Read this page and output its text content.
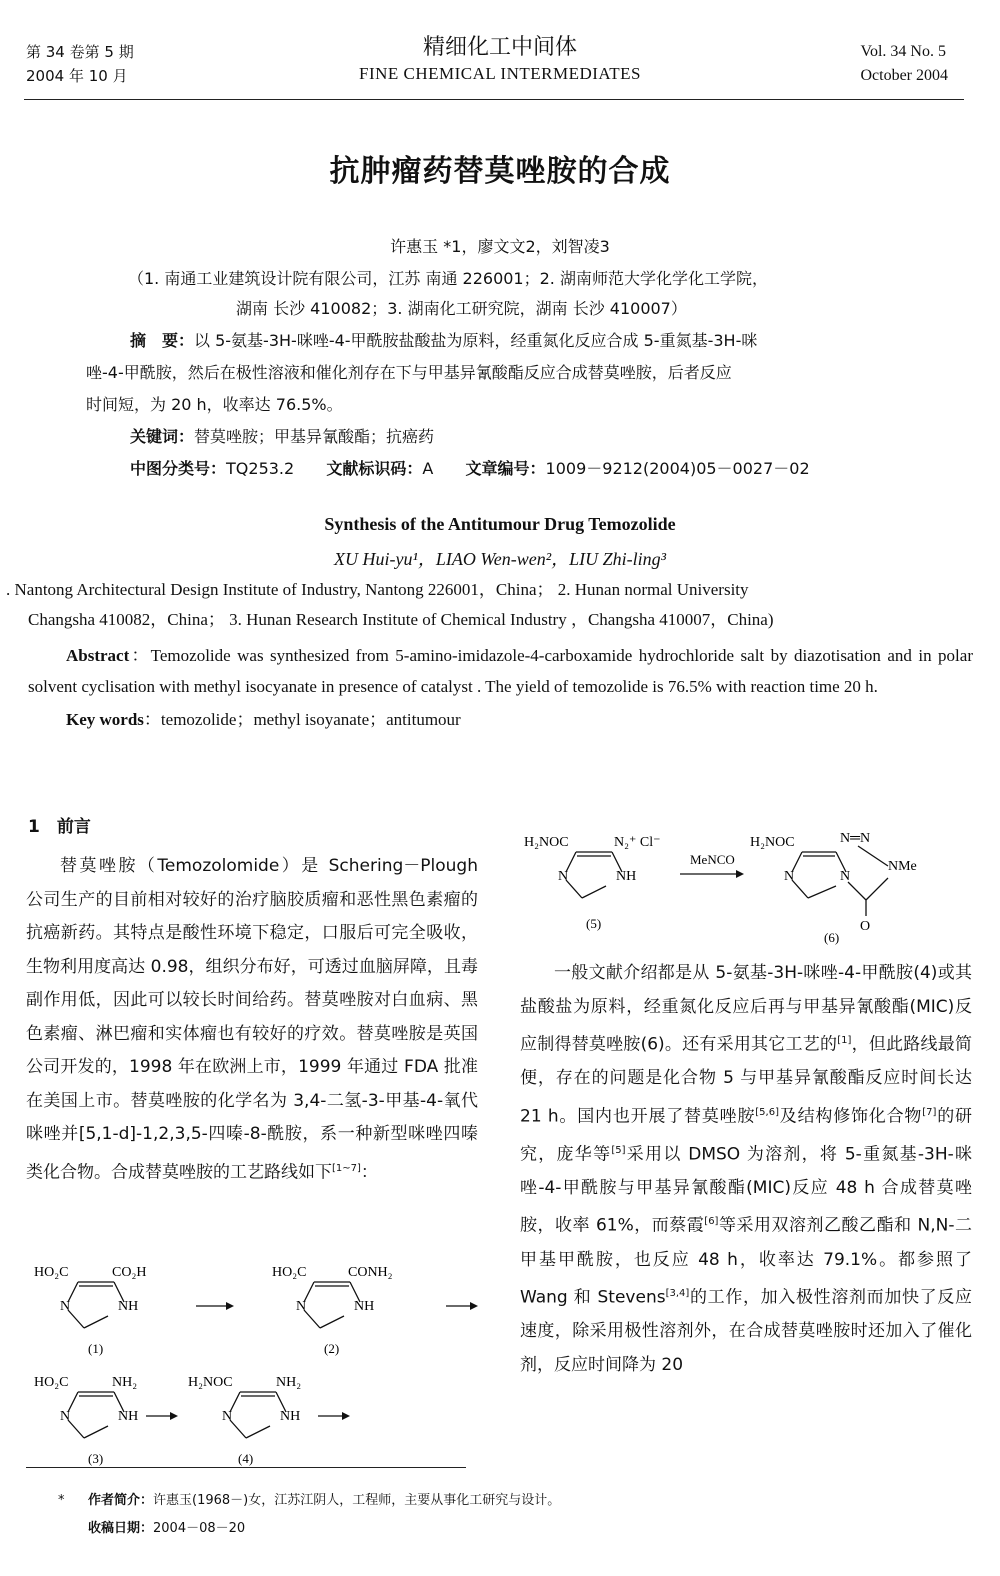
第 34 卷第 5 期
2004 年 10 月
精细化工中间体
FINE CHEMICAL INTERMEDIATES
Vol. 34 No. 5
October 2004
抗肿瘤药替莫唑胺的合成
许惠玉 *1，廖文文2，刘智凌3
（1. 南通工业建筑设计院有限公司，江苏 南通 226001；2. 湖南师范大学化学化工学院，
湖南 长沙 410082；3. 湖南化工研究院，湖南 长沙 410007）
摘　要：以 5-氨基-3H-咪唑-4-甲酰胺盐酸盐为原料，经重氮化反应合成 5-重氮基-3H-咪
唑-4-甲酰胺，然后在极性溶液和催化剂存在下与甲基异氰酸酯反应合成替莫唑胺，后者反应
时间短，为 20 h，收率达 76.5%。
关键词：替莫唑胺；甲基异氰酸酯；抗癌药
中图分类号：TQ253.2 文献标识码：A 文章编号：1009－9212(2004)05－0027－02
Synthesis of the Antitumour Drug Temozolide
XU Hui-yu¹，LIAO Wen-wen²，LIU Zhi-ling³
. Nantong Architectural Design Institute of Industry, Nantong 226001，China； 2. Hunan normal University
Changsha 410082，China； 3. Hunan Research Institute of Chemical Industry ，Changsha 410007，China)
Abstract：Temozolide was synthesized from 5-amino-imidazole-4-carboxamide hydrochloride salt by diazotisation and in polar solvent cyclisation with methyl isocyanate in presence of catalyst . The yield of temozolide is 76.5% with reaction time 20 h.
Key words：temozolide；methyl isoyanate；antitumour
1　前言
替莫唑胺（Temozolomide）是 Schering－Plough 公司生产的目前相对较好的治疗脑胶质瘤和恶性黑色素瘤的抗癌新药。其特点是酸性环境下稳定，口服后可完全吸收，生物利用度高达 0.98，组织分布好，可透过血脑屏障，且毒副作用低，因此可以较长时间给药。替莫唑胺对白血病、黑色素瘤、淋巴瘤和实体瘤也有较好的疗效。替莫唑胺是英国公司开发的，1998 年在欧洲上市，1999 年通过 FDA 批准在美国上市。替莫唑胺的化学名为 3,4-二氢-3-甲基-4-氧代咪唑并[5,1-d]-1,2,3,5-四嗪-8-酰胺，系一种新型咪唑四嗪类化合物。合成替莫唑胺的工艺路线如下[1~7]：
HO₂C	CO₂H
N	NH
(1)
HO₂C	CONH₂
N	NH
(2)
HO₂C	NH₂
N	NH
(3)
H₂NOC	NH₂
N	NH
(4)
H₂NOC	N₂⁺ Cl⁻
N	NH
(5)
MeNCO
H₂NOC	N═N
N	N
NMe
O
(6)
一般文献介绍都是从 5-氨基-3H-咪唑-4-甲酰胺(4)或其盐酸盐为原料，经重氮化反应后再与甲基异氰酸酯(MIC)反应制得替莫唑胺(6)。还有采用其它工艺的[1]，但此路线最简便，存在的问题是化合物 5 与甲基异氰酸酯反应时间长达 21 h。国内也开展了替莫唑胺[5,6]及结构修饰化合物[7]的研究，庞华等[5]采用以 DMSO 为溶剂，将 5-重氮基-3H-咪唑-4-甲酰胺与甲基异氰酸酯(MIC)反应 48 h 合成替莫唑胺，收率 61%，而蔡霞[6]等采用双溶剂乙酸乙酯和 N,N-二甲基甲酰胺，也反应 48 h，收率达 79.1%。都参照了 Wang 和 Stevens[3,4]的工作，加入极性溶剂而加快了反应速度，除采用极性溶剂外，在合成替莫唑胺时还加入了催化剂，反应时间降为 20
* 作者简介：许惠玉(1968－)女，江苏江阴人，工程师，主要从事化工研究与设计。
收稿日期：2004－08－20
